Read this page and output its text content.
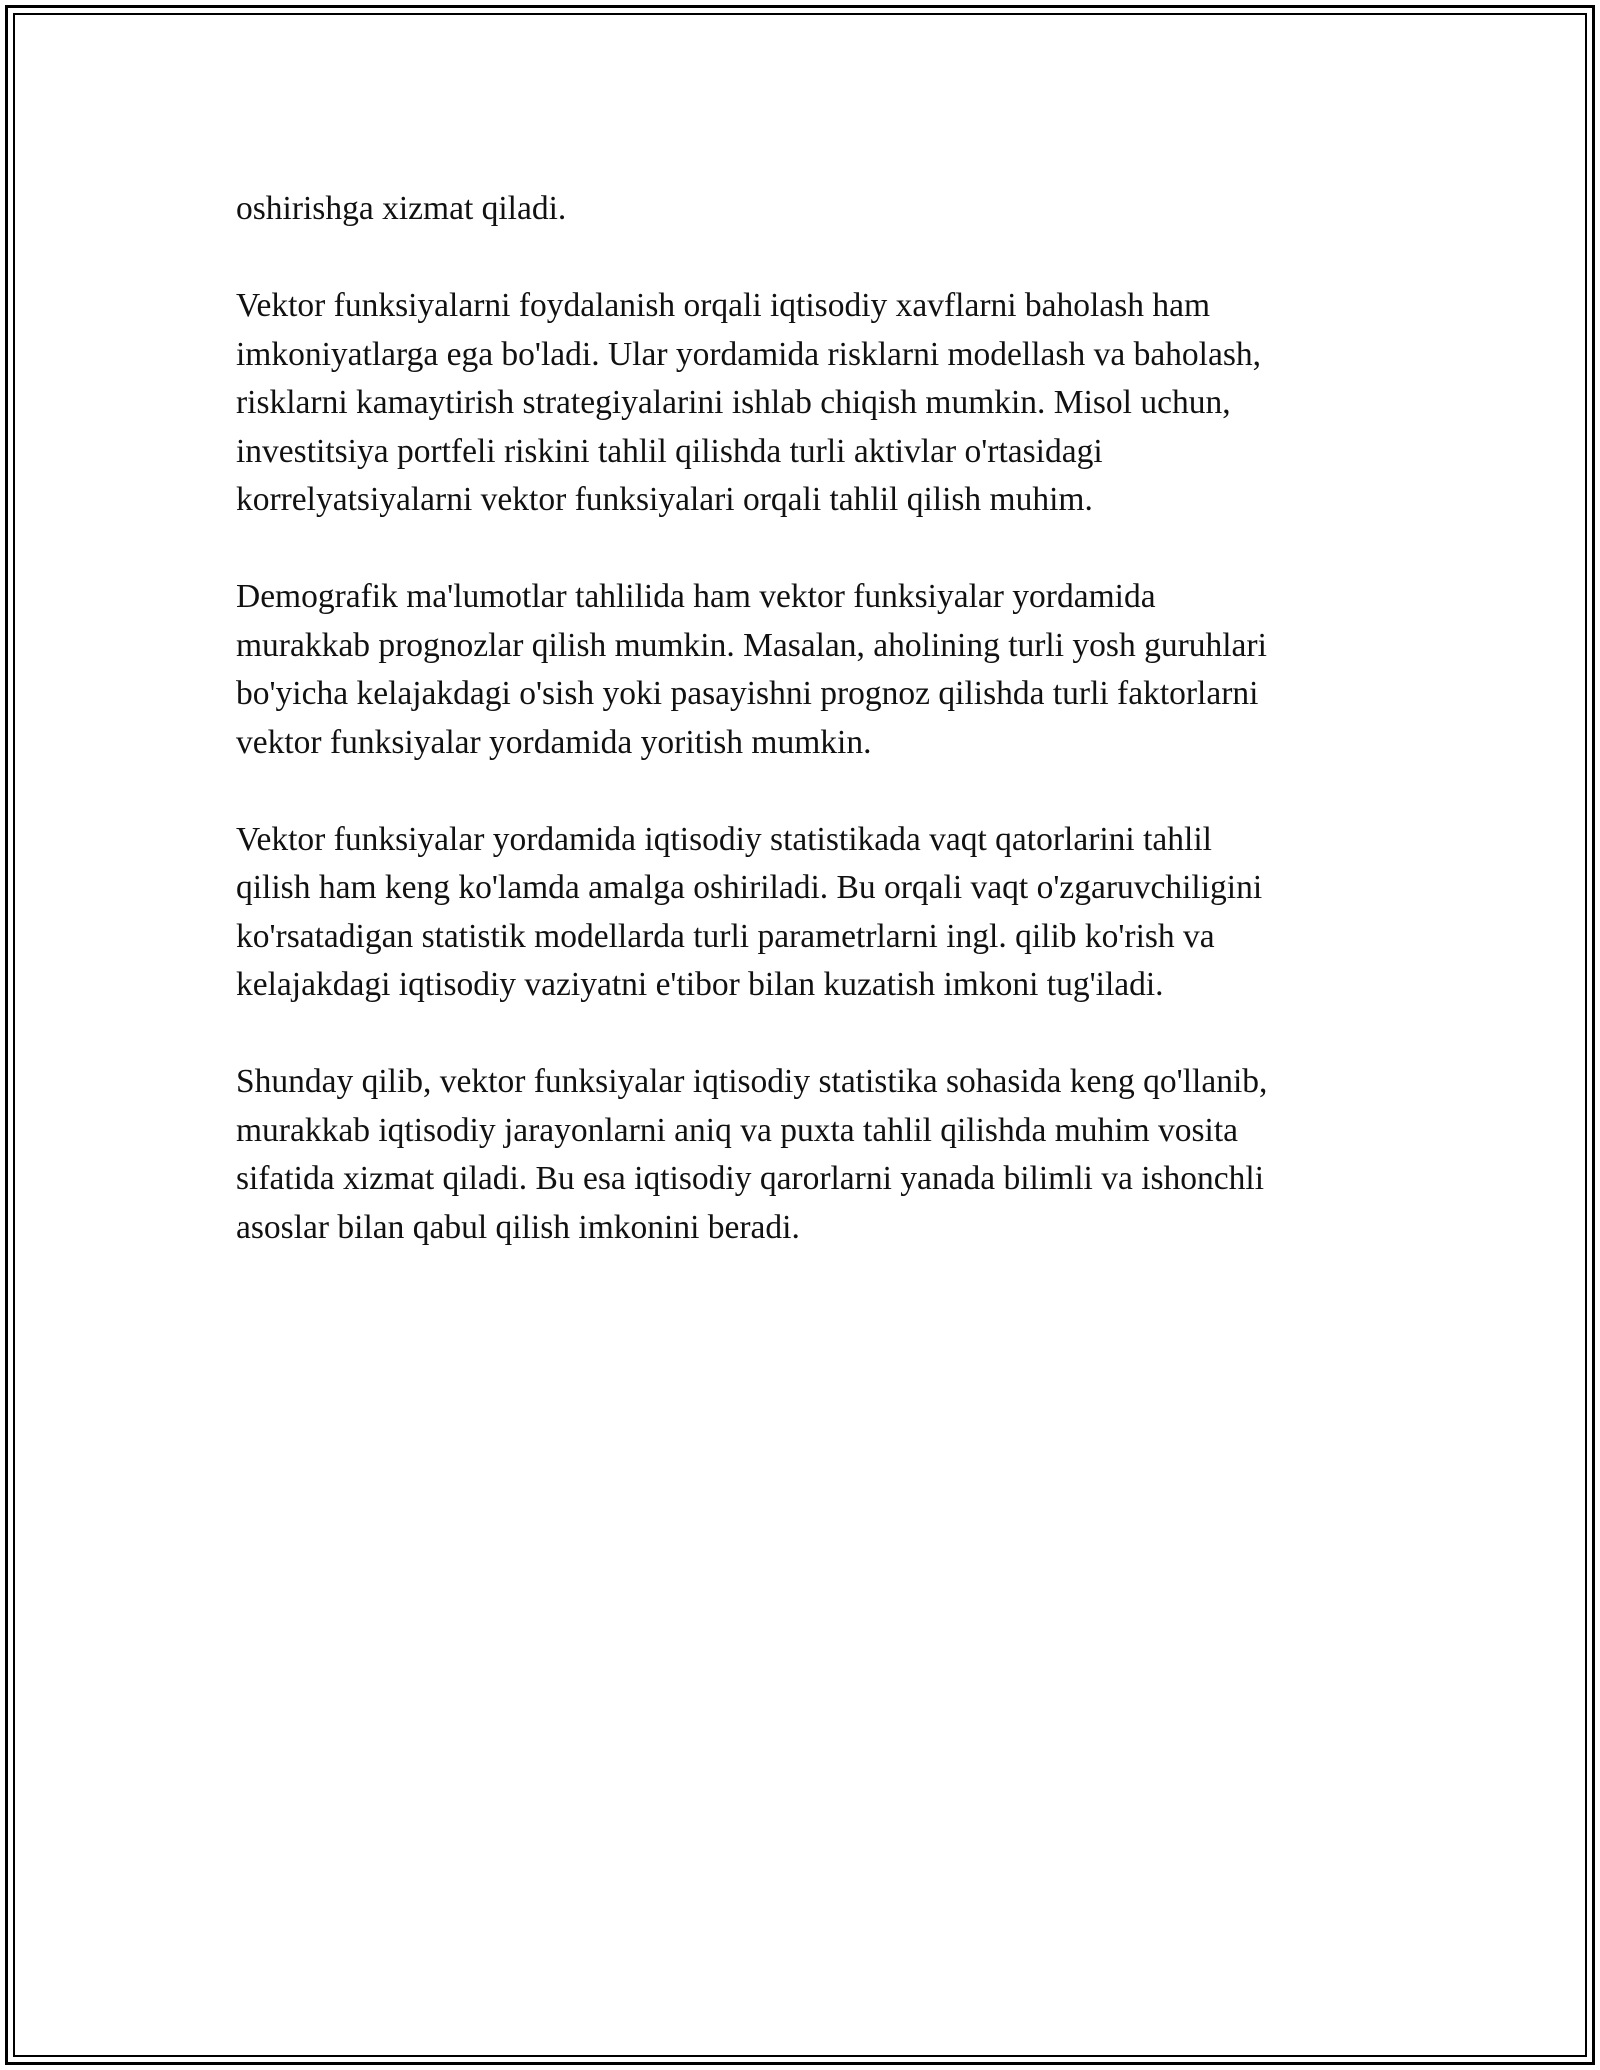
oshirishga xizmat qiladi.

Vektor funksiyalarni foydalanish orqali iqtisodiy xavflarni baholash ham
imkoniyatlarga ega bo'ladi. Ular yordamida risklarni modellash va baholash,
risklarni kamaytirish strategiyalarini ishlab chiqish mumkin. Misol uchun,
investitsiya portfeli riskini tahlil qilishda turli aktivlar o'rtasidagi
korrelyatsiyalarni vektor funksiyalari orqali tahlil qilish muhim.

Demografik ma'lumotlar tahlilida ham vektor funksiyalar yordamida
murakkab prognozlar qilish mumkin. Masalan, aholining turli yosh guruhlari
bo'yicha kelajakdagi o'sish yoki pasayishni prognoz qilishda turli faktorlarni
vektor funksiyalar yordamida yoritish mumkin.

Vektor funksiyalar yordamida iqtisodiy statistikada vaqt qatorlarini tahlil
qilish ham keng ko'lamda amalga oshiriladi. Bu orqali vaqt o'zgaruvchiligini
ko'rsatadigan statistik modellarda turli parametrlarni ingl. qilib ko'rish va
kelajakdagi iqtisodiy vaziyatni e'tibor bilan kuzatish imkoni tug'iladi.

Shunday qilib, vektor funksiyalar iqtisodiy statistika sohasida keng qo'llanib,
murakkab iqtisodiy jarayonlarni aniq va puxta tahlil qilishda muhim vosita
sifatida xizmat qiladi. Bu esa iqtisodiy qarorlarni yanada bilimli va ishonchli
asoslar bilan qabul qilish imkonini beradi.
